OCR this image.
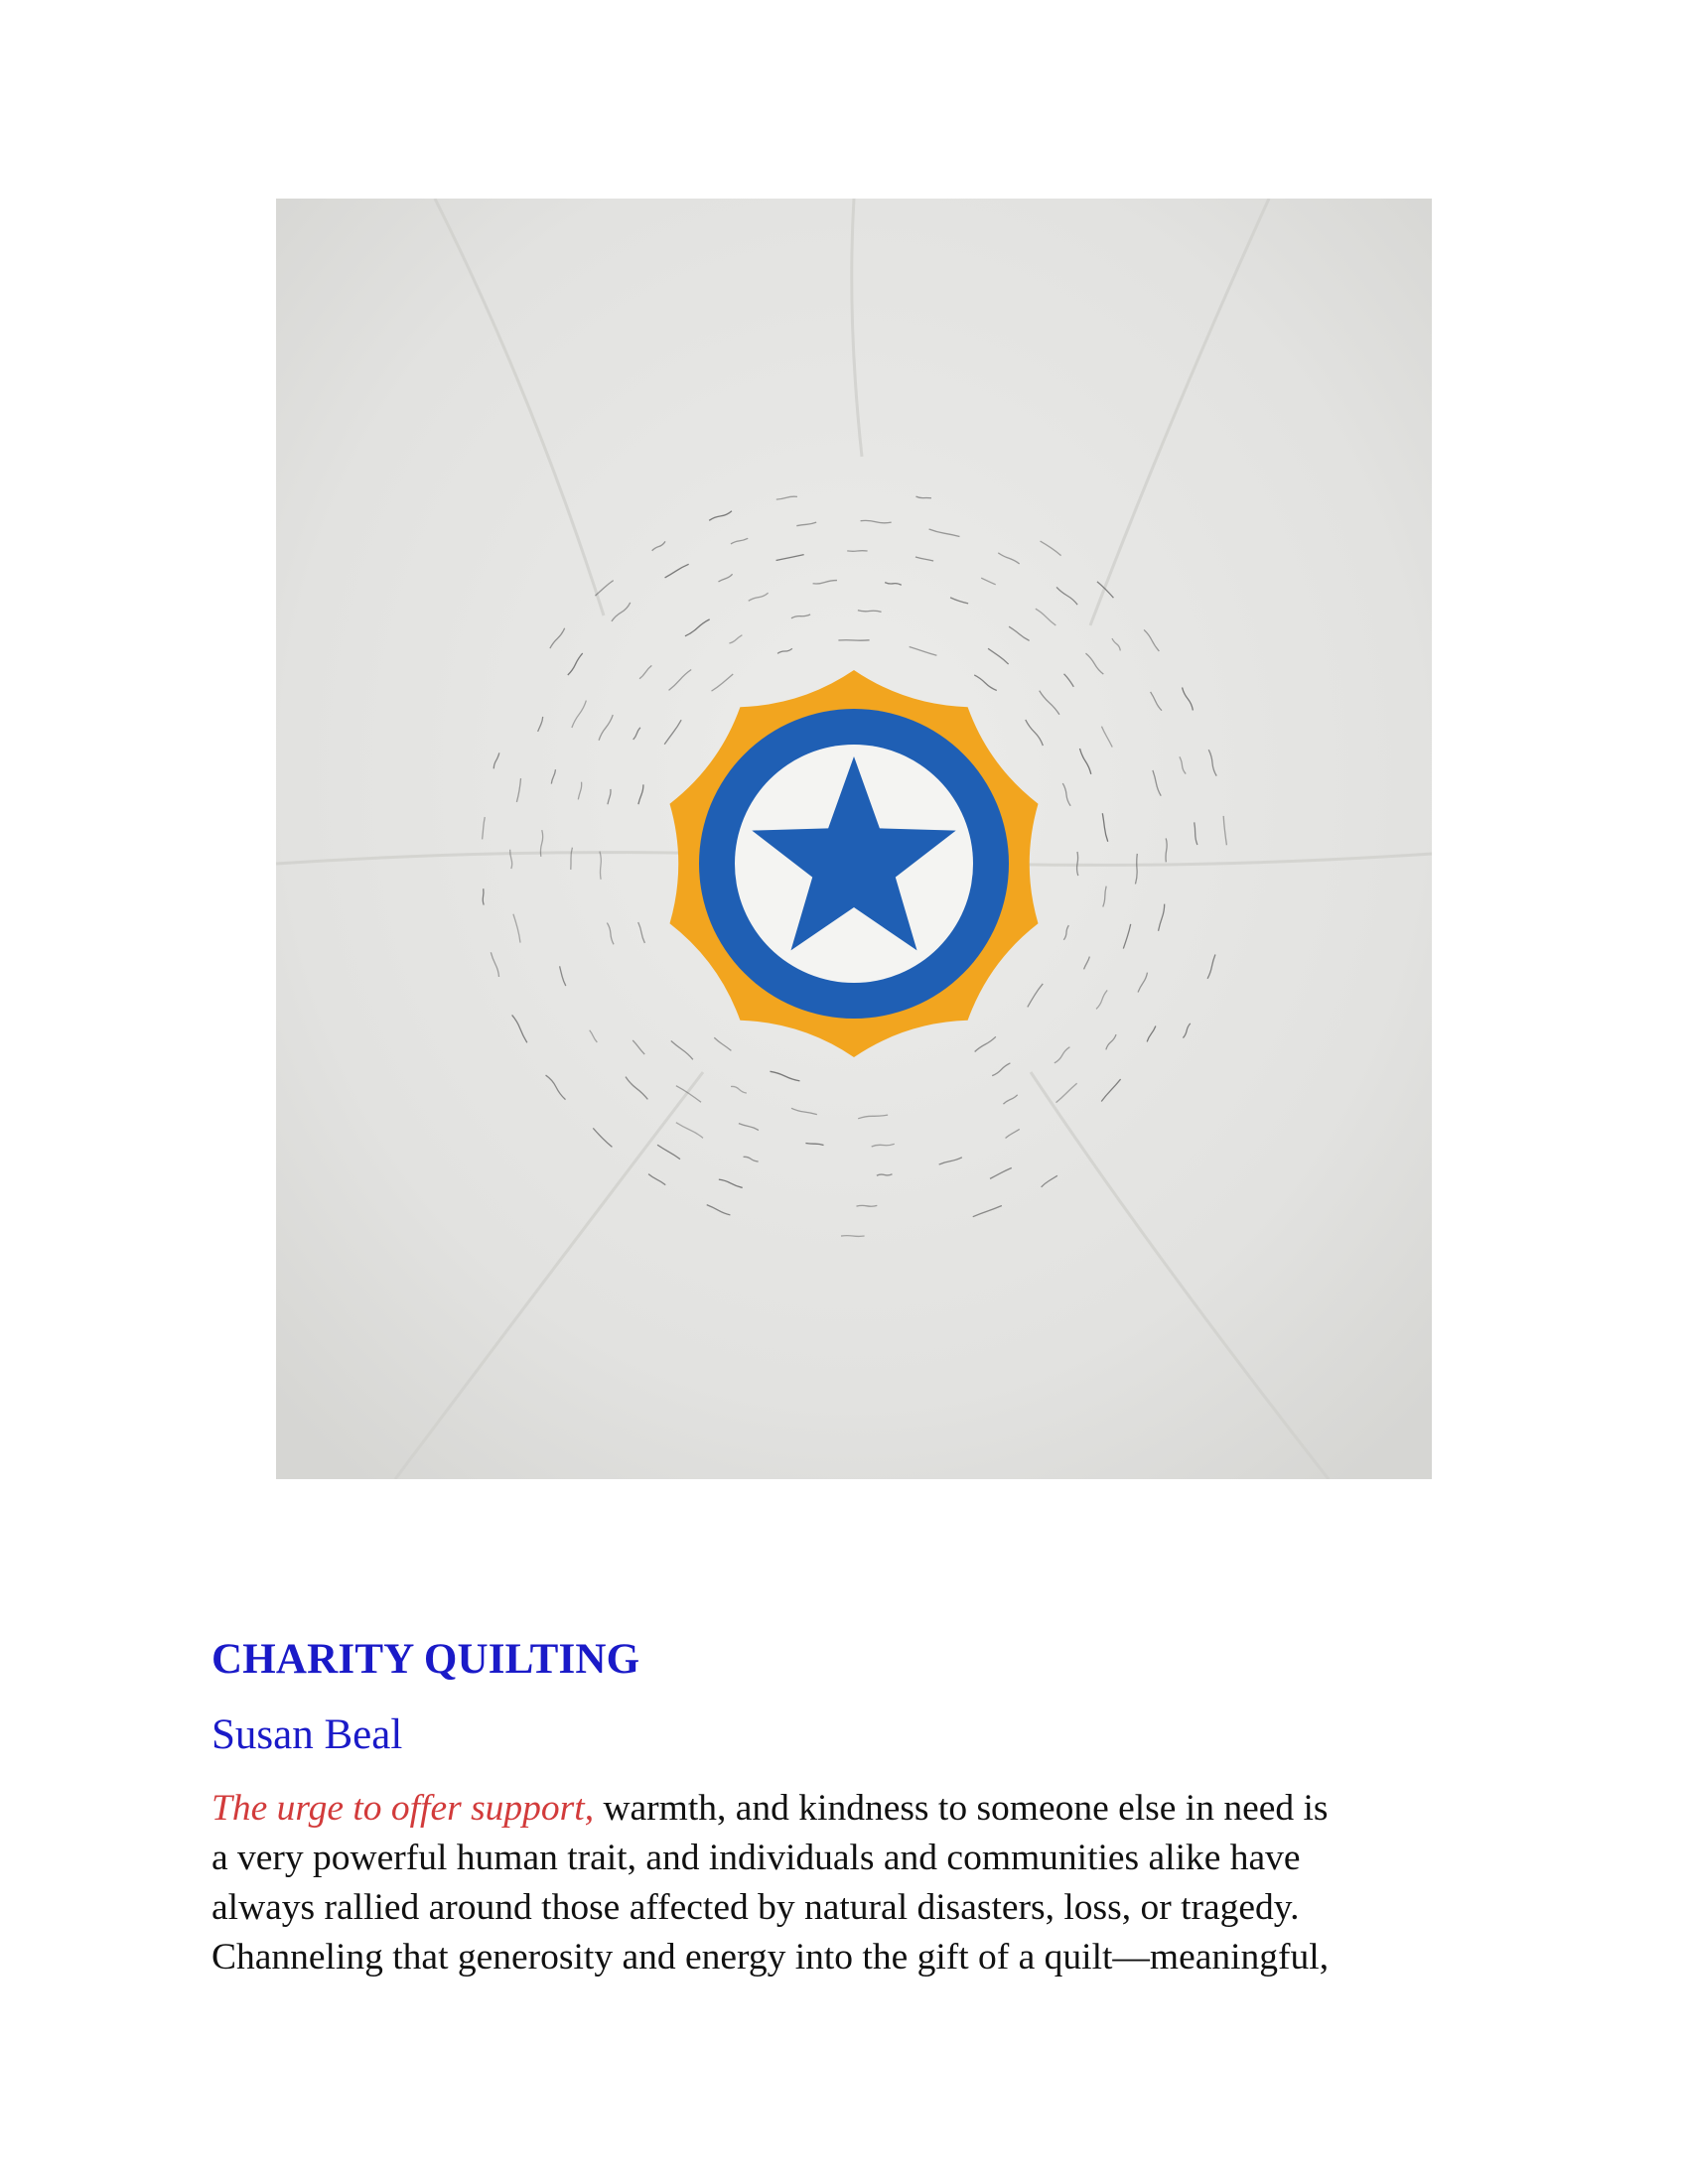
CHARITY QUILTING

Susan Beal

The urge to offer support, warmth, and kindness to someone else in need is
a very powerful human trait, and individuals and communities alike have
always rallied around those affected by natural disasters, loss, or tragedy.
Channeling that generosity and energy into the gift of a quilt—meaningful,
